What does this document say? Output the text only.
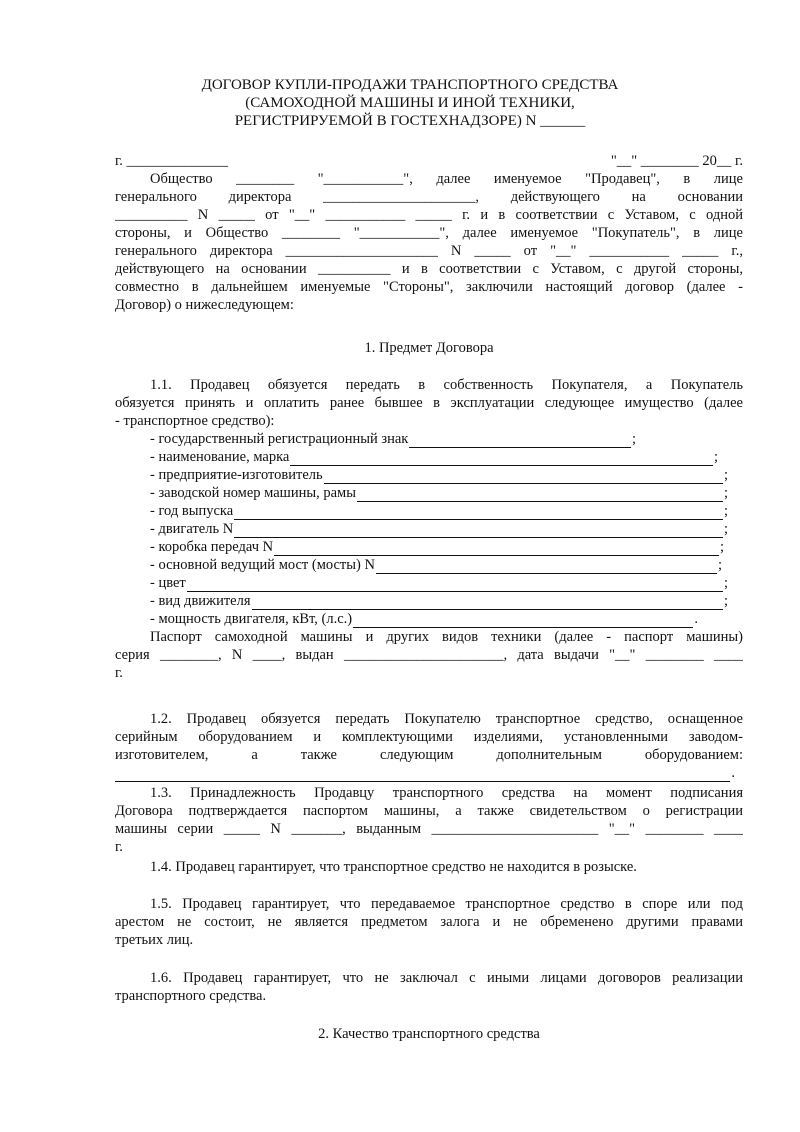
ДОГОВОР КУПЛИ-ПРОДАЖИ ТРАНСПОРТНОГО СРЕДСТВА
(САМОХОДНОЙ МАШИНЫ И ИНОЙ ТЕХНИКИ,
РЕГИСТРИРУЕМОЙ В ГОСТЕХНАДЗОРЕ) N ______
г. ______________	"__" ________ 20__ г.
Общество ________ "___________", далее именуемое "Продавец", в лице
генерального директора _____________________, действующего на основании
__________ N _____ от "__" ___________ _____ г. и в соответствии с Уставом, с одной
стороны, и Общество ________ "___________", далее именуемое "Покупатель", в лице
генерального директора _____________________ N _____ от "__" ___________ _____ г.,
действующего на основании __________ и в соответствии с Уставом, с другой стороны,
совместно в дальнейшем именуемые "Стороны", заключили настоящий договор (далее -
Договор) о нижеследующем:
1. Предмет Договора
1.1. Продавец обязуется передать в собственность Покупателя, а Покупатель
обязуется принять и оплатить ранее бывшее в эксплуатации следующее имущество (далее
- транспортное средство):
- государственный регистрационный знак	;
- наименование, марка	;
- предприятие-изготовитель	;
- заводской номер машины, рамы	;
- год выпуска	;
- двигатель N	;
- коробка передач N	;
- основной ведущий мост (мосты) N	;
- цвет	;
- вид движителя	;
- мощность двигателя, кВт, (л.с.)	.
Паспорт самоходной машины и других видов техники (далее - паспорт машины)
серия ________, N ____, выдан ______________________, дата выдачи "__" ________ ____
г.
1.2. Продавец обязуется передать Покупателю транспортное средство, оснащенное
серийным оборудованием и комплектующими изделиями, установленными заводом-
изготовителем, а также следующим дополнительным оборудованием:
.
1.3. Принадлежность Продавцу транспортного средства на момент подписания
Договора подтверждается паспортом машины, а также свидетельством о регистрации
машины серии _____ N _______, выданным _______________________ "__" ________ ____
г.
1.4. Продавец гарантирует, что транспортное средство не находится в розыске.
1.5. Продавец гарантирует, что передаваемое транспортное средство в споре или под
арестом не состоит, не является предметом залога и не обременено другими правами
третьих лиц.
1.6. Продавец гарантирует, что не заключал с иными лицами договоров реализации
транспортного средства.
2. Качество транспортного средства
